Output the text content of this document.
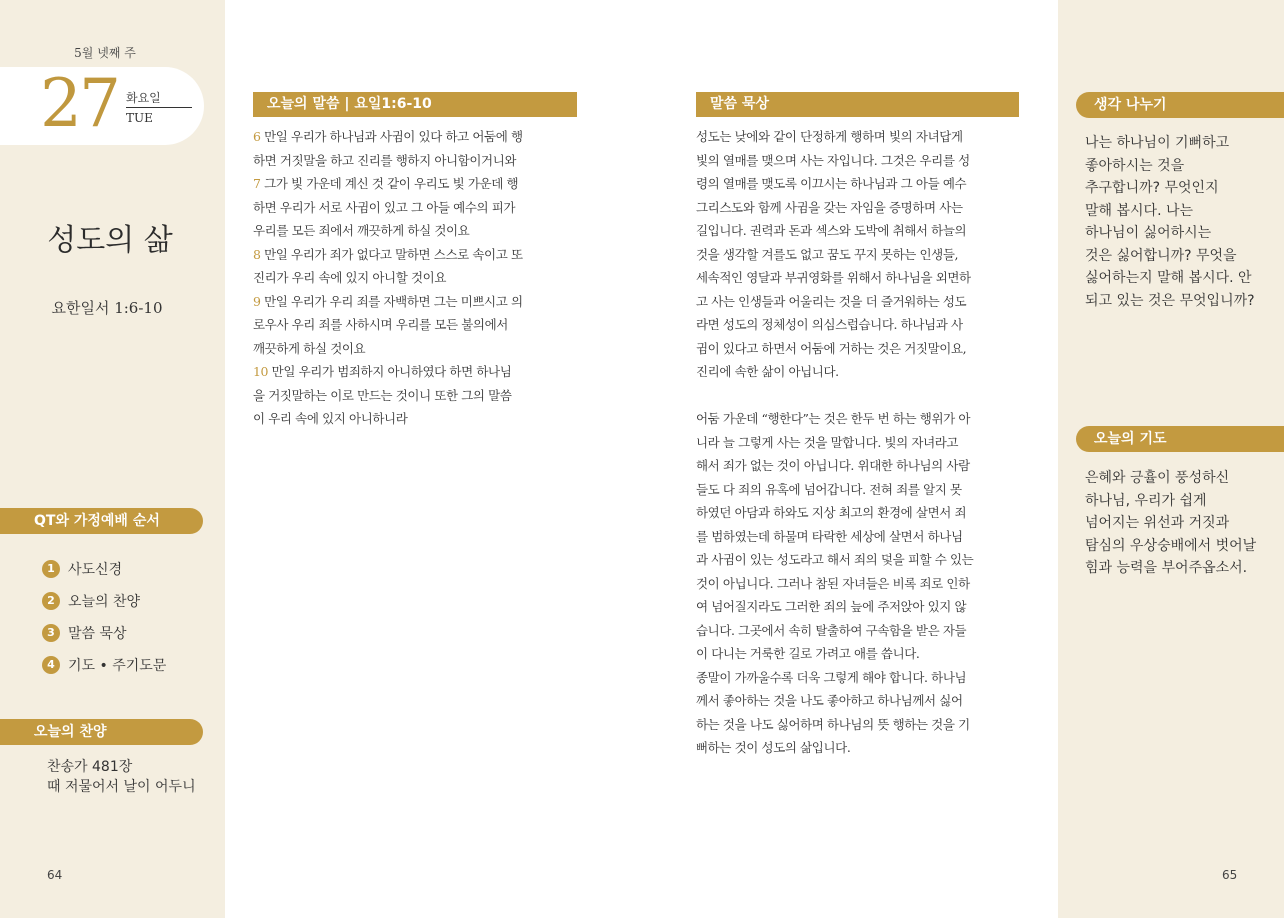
5월 넷째 주
27 화요일
TUE
성도의 삶
요한일서 1:6-10
QT와 가정예배 순서
1 사도신경
2 오늘의 찬양
3 말씀 묵상
4 기도 • 주기도문
오늘의 찬양
찬송가 481장
때 저물어서 날이 어두니
64
오늘의 말씀 | 요일1:6-10
6 만일 우리가 하나님과 사귐이 있다 하고 어둠에 행
하면 거짓말을 하고 진리를 행하지 아니함이거니와
7 그가 빛 가운데 계신 것 같이 우리도 빛 가운데 행
하면 우리가 서로 사귐이 있고 그 아들 예수의 피가
우리를 모든 죄에서 깨끗하게 하실 것이요
8 만일 우리가 죄가 없다고 말하면 스스로 속이고 또
진리가 우리 속에 있지 아니할 것이요
9 만일 우리가 우리 죄를 자백하면 그는 미쁘시고 의
로우사 우리 죄를 사하시며 우리를 모든 불의에서
깨끗하게 하실 것이요
10 만일 우리가 범죄하지 아니하였다 하면 하나님
을 거짓말하는 이로 만드는 것이니 또한 그의 말씀
이 우리 속에 있지 아니하니라
말씀 묵상
성도는 낮에와 같이 단정하게 행하며 빛의 자녀답게
빛의 열매를 맺으며 사는 자입니다. 그것은 우리를 성
령의 열매를 맺도록 이끄시는 하나님과 그 아들 예수
그리스도와 함께 사귐을 갖는 자임을 증명하며 사는
길입니다. 권력과 돈과 섹스와 도박에 취해서 하늘의
것을 생각할 겨를도 없고 꿈도 꾸지 못하는 인생들,
세속적인 영달과 부귀영화를 위해서 하나님을 외면하
고 사는 인생들과 어울리는 것을 더 즐거워하는 성도
라면 성도의 정체성이 의심스럽습니다. 하나님과 사
귐이 있다고 하면서 어둠에 거하는 것은 거짓말이요,
진리에 속한 삶이 아닙니다.
어둠 가운데 “행한다”는 것은 한두 번 하는 행위가 아
니라 늘 그렇게 사는 것을 말합니다. 빛의 자녀라고
해서 죄가 없는 것이 아닙니다. 위대한 하나님의 사람
들도 다 죄의 유혹에 넘어갑니다. 전혀 죄를 알지 못
하였던 아담과 하와도 지상 최고의 환경에 살면서 죄
를 범하였는데 하물며 타락한 세상에 살면서 하나님
과 사귐이 있는 성도라고 해서 죄의 덫을 피할 수 있는
것이 아닙니다. 그러나 참된 자녀들은 비록 죄로 인하
여 넘어질지라도 그러한 죄의 늪에 주저앉아 있지 않
습니다. 그곳에서 속히 탈출하여 구속함을 받은 자들
이 다니는 거룩한 길로 가려고 애를 씁니다.
종말이 가까울수록 더욱 그렇게 해야 합니다. 하나님
께서 좋아하는 것을 나도 좋아하고 하나님께서 싫어
하는 것을 나도 싫어하며 하나님의 뜻 행하는 것을 기
뻐하는 것이 성도의 삶입니다.
생각 나누기
나는 하나님이 기뻐하고
좋아하시는 것을
추구합니까? 무엇인지
말해 봅시다. 나는
하나님이 싫어하시는
것은 싫어합니까? 무엇을
싫어하는지 말해 봅시다. 안
되고 있는 것은 무엇입니까?
오늘의 기도
은혜와 긍휼이 풍성하신
하나님, 우리가 쉽게
넘어지는 위선과 거짓과
탐심의 우상숭배에서 벗어날
힘과 능력을 부어주옵소서.
65
